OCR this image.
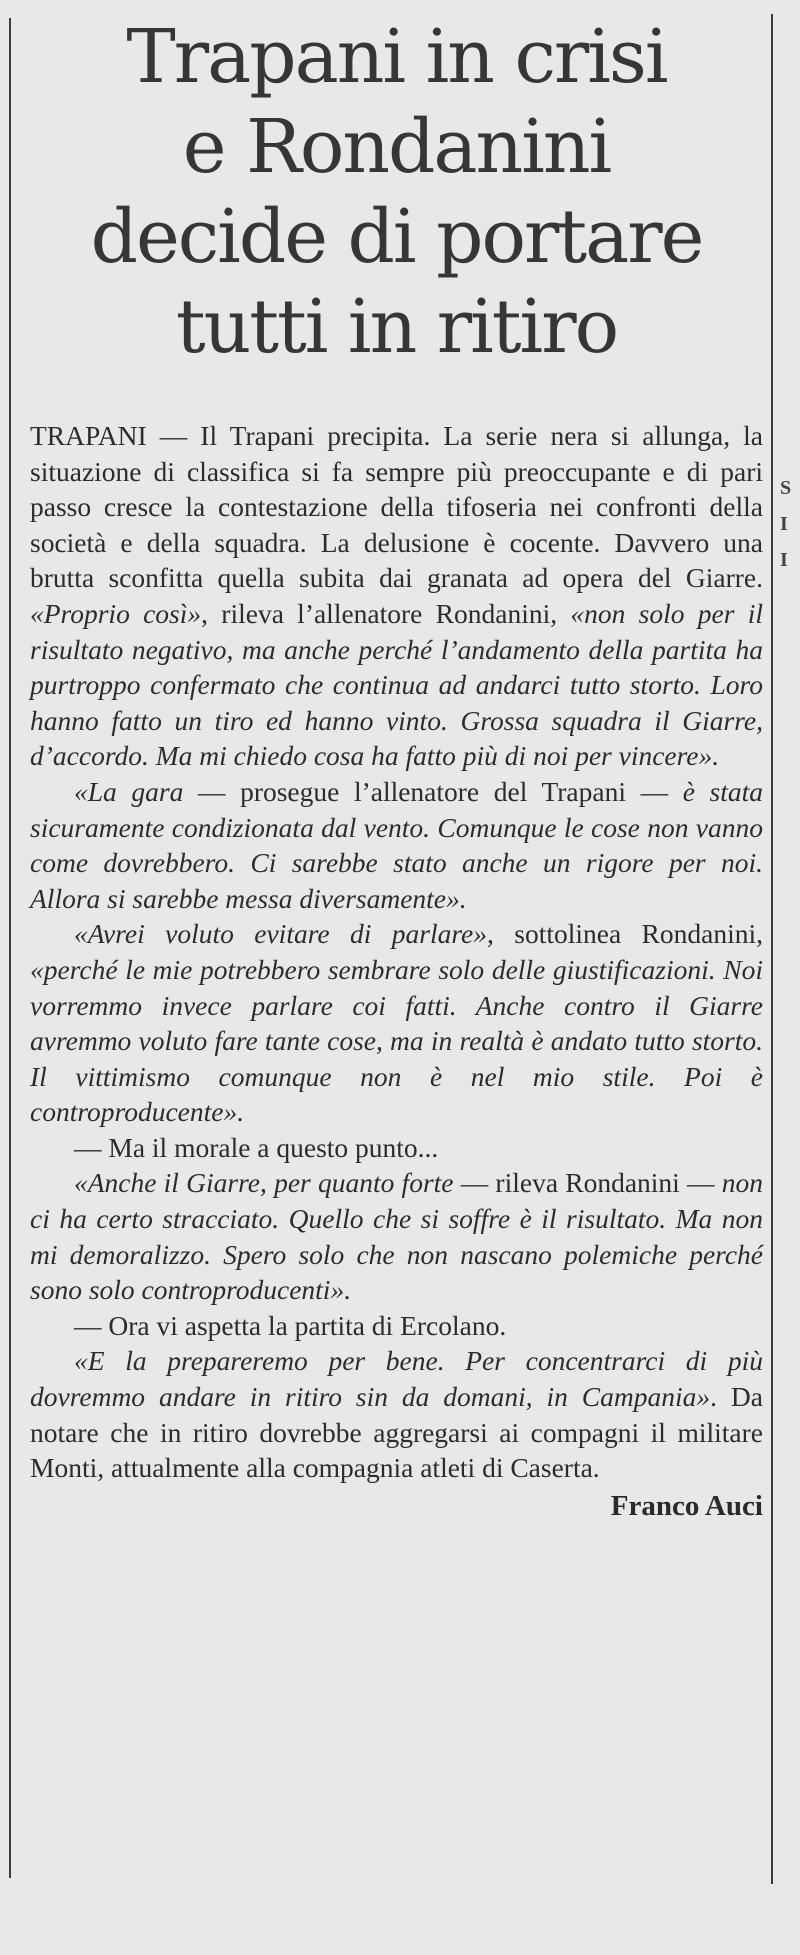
S
I
I
Trapani in crisi
e Rondanini
decide di portare
tutti in ritiro

TRAPANI — Il Trapani precipita. La serie nera si allunga, la situazione di classifica si fa sempre più preoccupante e di pari passo cresce la contestazione della tifoseria nei confronti della società e della squadra. La delusione è cocente. Davvero una brutta sconfitta quella subita dai granata ad opera del Giarre. «Proprio così», rileva l’allenatore Rondanini, «non solo per il risultato negativo, ma anche perché l’andamento della partita ha purtroppo confermato che continua ad andarci tutto storto. Loro hanno fatto un tiro ed hanno vinto. Grossa squadra il Giarre, d’accordo. Ma mi chiedo cosa ha fatto più di noi per vincere».

«La gara — prosegue l’allenatore del Trapani — è stata sicuramente condizionata dal vento. Comunque le cose non vanno come dovrebbero. Ci sarebbe stato anche un rigore per noi. Allora si sarebbe messa diversamente».

«Avrei voluto evitare di parlare», sottolinea Rondanini, «perché le mie potrebbero sembrare solo delle giustificazioni. Noi vorremmo invece parlare coi fatti. Anche contro il Giarre avremmo voluto fare tante cose, ma in realtà è andato tutto storto. Il vittimismo comunque non è nel mio stile. Poi è controproducente».

— Ma il morale a questo punto...

«Anche il Giarre, per quanto forte — rileva Rondanini — non ci ha certo stracciato. Quello che si soffre è il risultato. Ma non mi demoralizzo. Spero solo che non nascano polemiche perché sono solo controproducenti».

— Ora vi aspetta la partita di Ercolano.

«E la prepareremo per bene. Per concentrarci di più dovremmo andare in ritiro sin da domani, in Campania». Da notare che in ritiro dovrebbe aggregarsi ai compagni il militare Monti, attualmente alla compagnia atleti di Caserta.

Franco Auci
